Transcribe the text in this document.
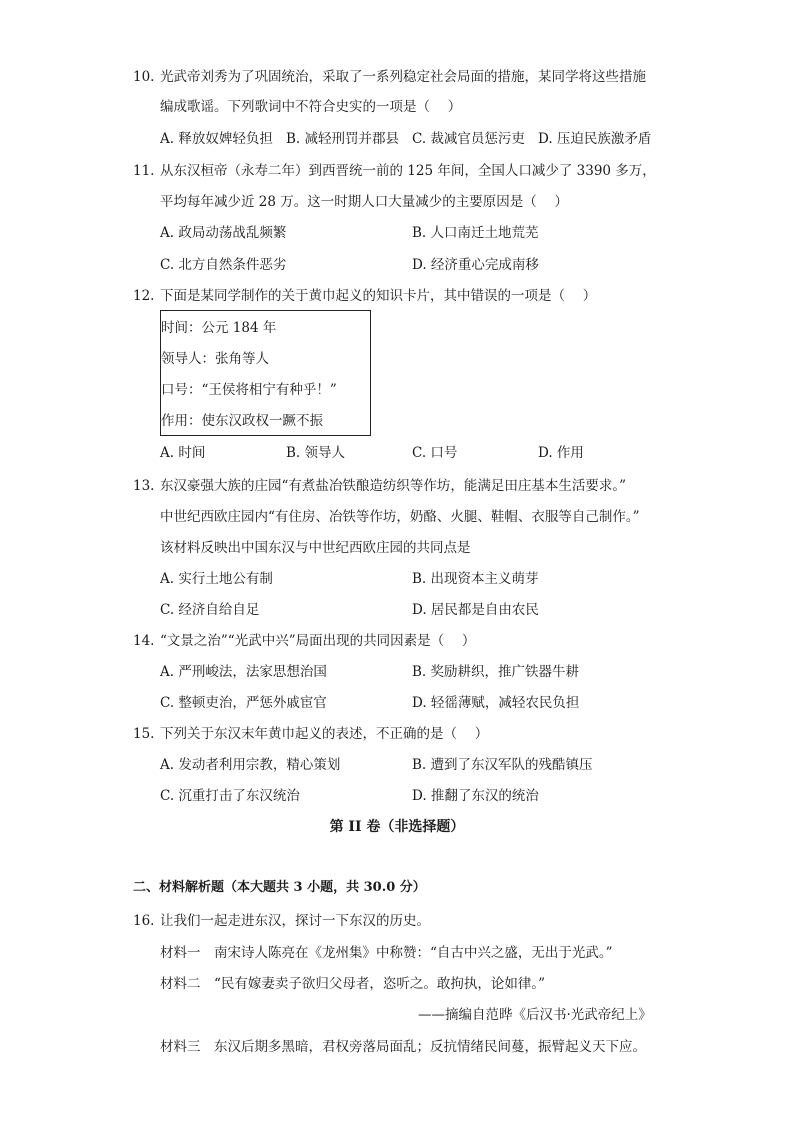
10. 光武帝刘秀为了巩固统治，采取了一系列稳定社会局面的措施，某同学将这些措施
编成歌谣。下列歌词中不符合史实的一项是（　 ）
A. 释放奴婢轻负担 B. 减轻刑罚并郡县 C. 裁减官员惩污吏 D. 压迫民族激矛盾
11. 从东汉桓帝（永寿二年）到西晋统一前的 125 年间，全国人口减少了 3390 多万，
平均每年减少近 28 万。这一时期人口大量减少的主要原因是（　 ）
A. 政局动荡战乱频繁	B. 人口南迁土地荒芜
C. 北方自然条件恶劣	D. 经济重心完成南移
12. 下面是某同学制作的关于黄巾起义的知识卡片，其中错误的一项是（　 ）
时间：公元 184 年
领导人：张角等人
口号：“王侯将相宁有种乎！”
作用：使东汉政权一蹶不振
A. 时间	B. 领导人	C. 口号	D. 作用
13. 东汉豪强大族的庄园“有煮盐冶铁酿造纺织等作坊，能满足田庄基本生活要求。”
中世纪西欧庄园内“有住房、冶铁等作坊，奶酪、火腿、鞋帽、衣服等自己制作。”
该材料反映出中国东汉与中世纪西欧庄园的共同点是
A. 实行土地公有制	B. 出现资本主义萌芽
C. 经济自给自足	D. 居民都是自由农民
14. “文景之治”“光武中兴”局面出现的共同因素是（　 ）
A. 严刑峻法，法家思想治国	B. 奖励耕织，推广铁器牛耕
C. 整顿吏治，严惩外戚宦官	D. 轻徭薄赋，减轻农民负担
15. 下列关于东汉末年黄巾起义的表述，不正确的是（　 ）
A. 发动者利用宗教，精心策划	B. 遭到了东汉军队的残酷镇压
C. 沉重打击了东汉统治	D. 推翻了东汉的统治
第 II 卷（非选择题）
二、材料解析题（本大题共 3 小题，共 30.0 分）
16. 让我们一起走进东汉，探讨一下东汉的历史。
材料一　南宋诗人陈亮在《龙州集》中称赞：“自古中兴之盛，无出于光武。”
材料二　“民有嫁妻卖子欲归父母者，恣听之。敢拘执，论如律。”
——摘编自范晔《后汉书·光武帝纪上》
材料三　东汉后期多黑暗，君权旁落局面乱；反抗情绪民间蔓，振臂起义天下应。
